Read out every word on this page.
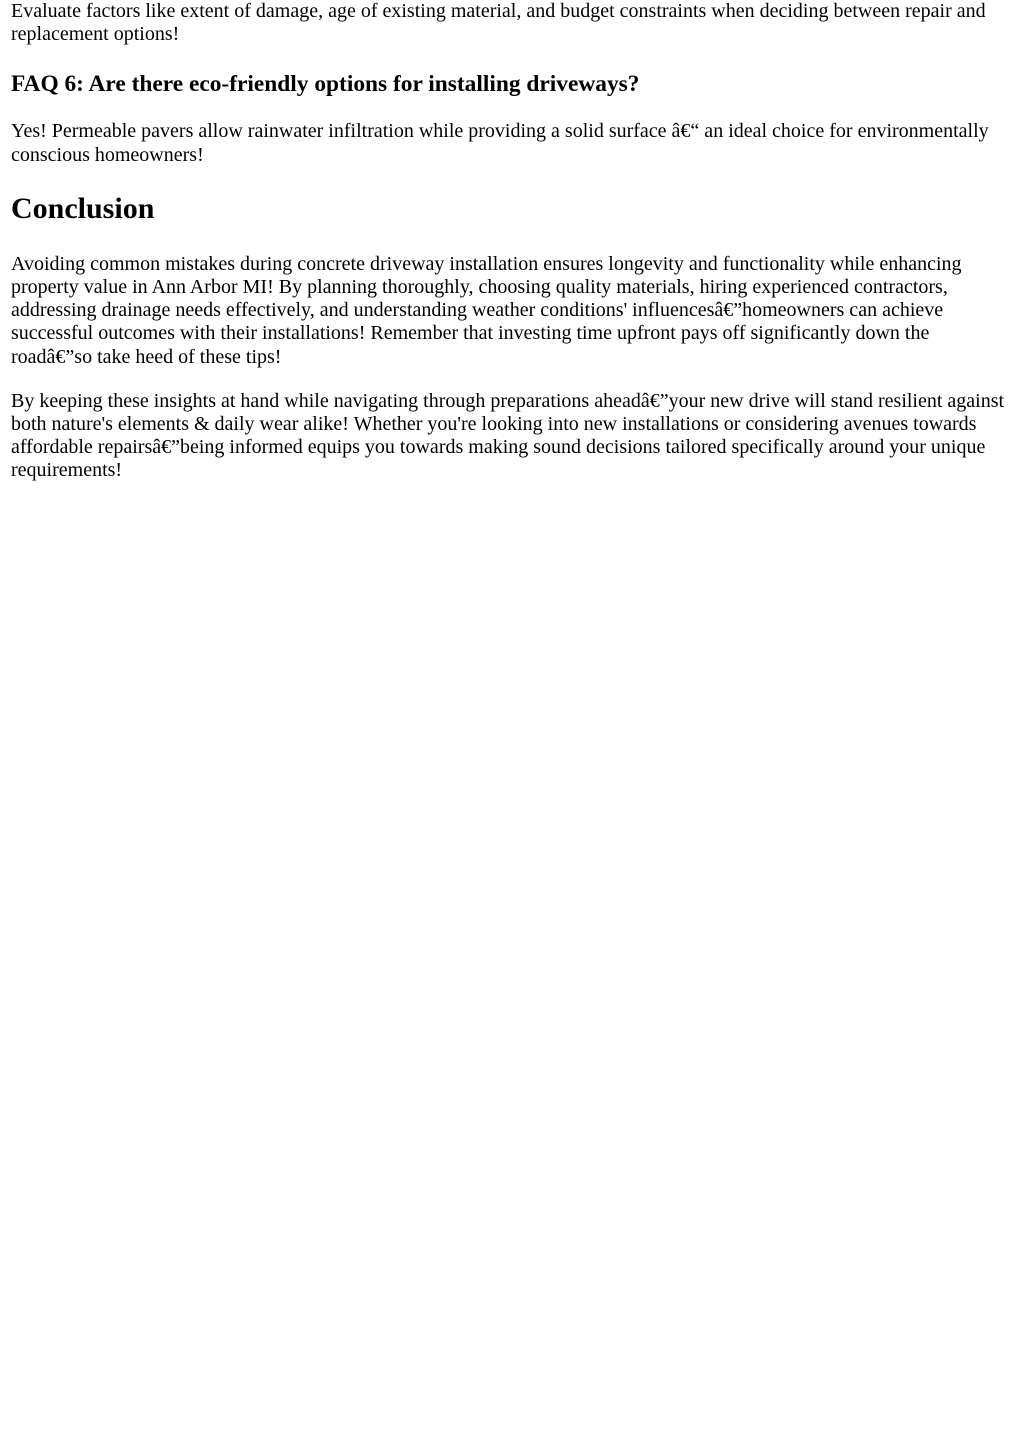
Evaluate factors like extent of damage, age of existing material, and budget constraints when deciding between repair and replacement options!

FAQ 6: Are there eco-friendly options for installing driveways?

Yes! Permeable pavers allow rainwater infiltration while providing a solid surface â€“ an ideal choice for environmentally conscious homeowners!

Conclusion

Avoiding common mistakes during concrete driveway installation ensures longevity and functionality while enhancing property value in Ann Arbor MI! By planning thoroughly, choosing quality materials, hiring experienced contractors, addressing drainage needs effectively, and understanding weather conditions' influencesâ€”homeowners can achieve successful outcomes with their installations! Remember that investing time upfront pays off significantly down the roadâ€”so take heed of these tips!

By keeping these insights at hand while navigating through preparations aheadâ€”your new drive will stand resilient against both nature's elements & daily wear alike! Whether you're looking into new installations or considering avenues towards affordable repairsâ€”being informed equips you towards making sound decisions tailored specifically around your unique requirements!
